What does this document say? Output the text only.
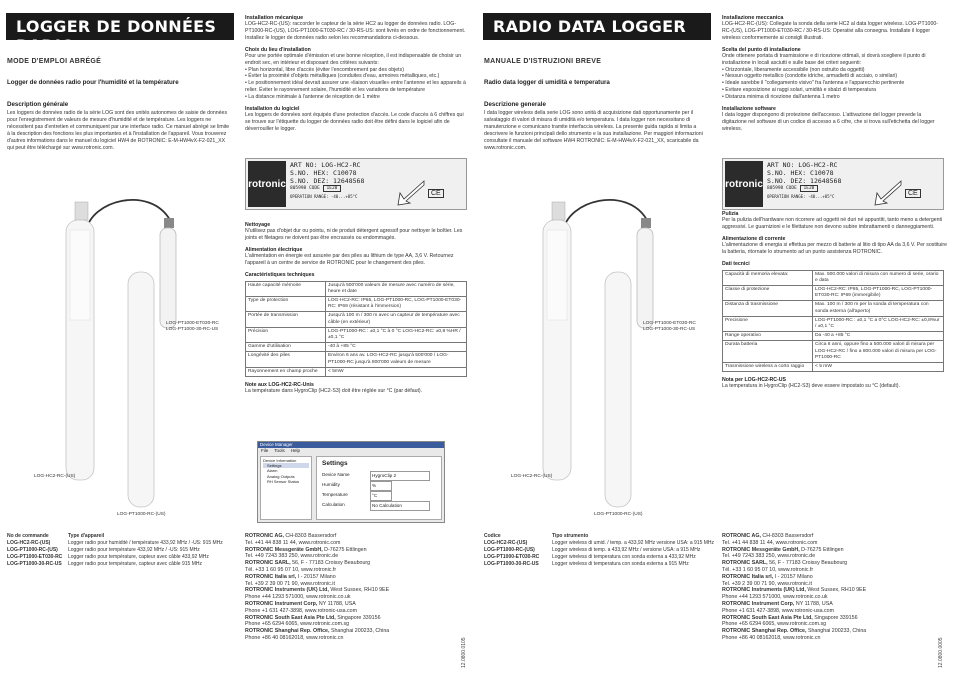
LOGGER DE DONNÉES RADIO
MODE D'EMPLOI ABRÉGÉ
Logger de données radio pour l'humidité et la température
Description générale
Les loggers de données radio de la série LOG sont des unités autonomes de saisie de données pour l'enregistrement de valeurs de mesure d'humidité et de température. Les loggers ne nécessitent pas d'entretien et communiquent par une interface radio. Ce manuel abrégé se limite à la description des fonctions les plus importantes et à l'installation de l'appareil. Vous trouverez d'autres informations dans le manuel du logiciel HW4 de ROTRONIC: E-M-HW4vX-F2-021_XX qui peut être téléchargé sur www.rotronic.com.
LOG-PT1000-ET030-RC
LOG-PT1000-30-RC-US
LOG-HC2-RC-(US)
LOG-PT1000-RC-(US)
Installation mécanique
LOG-HC2-RC-(US): raccorder le capteur de la série HC2 au logger de données radio. LOG-PT1000-RC-(US), LOG-PT1000-ET030-RC / 30-RS-US: sont livrés en ordre de fonctionnement. Installez le logger de données radio selon les recommandations ci-dessous.
Choix du lieu d'installation
Pour une portée optimale d'émission et une bonne réception, il est indispensable de choisir un endroit sec, en intérieur et disposant des critères suivants:
• Plan horizontal, libre d'accès (éviter l'encombrement par des objets)
• Éviter la proximité d'objets métalliques (conduites d'eau, armoires métalliques, etc.)
• Le positionnement idéal devrait assurer une «liaison visuelle» entre l'antenne et les appareils à relier. Éviter le rayonnement solaire, l'humidité et les variations de température
• La distance minimale à l'antenne de réception de 1 mètre
Installation du logiciel
Les loggers de données sont équipés d'une protection d'accès. Le code d'accès à 6 chiffres qui se trouve sur l'étiquette du logger de données radio doit être défini dans le logiciel afin de déverrouiller le logger.
rotronic
ART NO: LOG-HC2-RC
S.NO. HEX: C10078
S.NO. DEZ: 12648568
805998 CODE 1E20
OPERATION RANGE: -40...+85°C	CE
Nettoyage
N'utilisez pas d'objet dur ou pointu, ni de produit détergent agressif pour nettoyer le boîtier. Les joints et filetages ne doivent pas être encrassés ou endommagés.
Alimentation électrique
L'alimentation en énergie est assurée par des piles au lithium de type AA, 3,6 V. Retournez l'appareil à un centre de service de ROTRONIC pour le changement des piles.
Caractéristiques techniques
Haute capacité mémoire	Jusqu'à 500'000 valeurs de mesure avec numéro de série, heure et date
Type de protection	LOG-HC2-RC: IP65, LOG-PT1000-RC, LOG-PT1000-ET030-RC: IP69 (résistant à l'immersion)
Portée de transmission	Jusqu'à 100 m / 300 m avec un capteur de température avec câble (en extérieur)
Précision	LOG-PT1000-RC : ±0,1 °C à 0 °C LOG-HC2-RC: ±0,8 %HR / ±0,1 °C
Gamme d'utilisation	-40 à +85 °C
Longévité des piles	Environ 6 ans av. LOG-HC2-RC jusqu'à 500'000 / LOG-PT1000-RC jusqu'à 800'000 valeurs de mesure
Rayonnement en champ proche	< 5mW
Note aux LOG-HC2-RC-Unis
La température dans HygroClip (HC2-S3) doit être réglée sur °C (par défaut).
Device Manager
File Tools Help
Device Information
Settings
Alarm
Analog Outputs
RH Sensor Status
Settings
Device Name	HygroClip 2
Humidity	%
Temperature	°C
Calculation	No Calculation
No de commande	Type d'appareil
LOG-HC2-RC-(US)	Logger radio pour humidité / température 433,92 MHz / -US: 915 MHz
LOG-PT1000-RC-(US)	Logger radio pour température 433,92 MHz / -US: 915 MHz
LOG-PT1000-ET030-RC	Logger radio pour température, capteur avec câble 433,92 MHz
LOG-PT1000-30-RC-US	Logger radio pour température, capteur avec câble 915 MHz
ROTRONIC AG, CH-8303 Bassersdorf
Tel. +41 44 838 11 44, www.rotronic.com
ROTRONIC Messgeräte GmbH, D-76275 Ettlingen
Tel. +49 7243 383 250, www.rotronic.de
ROTRONIC SARL, 56, F - 77183 Croissy Beaubourg
Tél. +33 1 60 95 07 10, www.rotronic.fr
ROTRONIC Italia srl, I - 20157 Milano
Tel. +39 2 39 00 71 90, www.rotronic.it
ROTRONIC Instruments (UK) Ltd, West Sussex, RH10 9EE
Phone +44 1293 571000, www.rotronic.co.uk
ROTRONIC Instrument Corp, NY 11788, USA
Phone +1 631 427-3898, www.rotronic-usa.com
ROTRONIC South East Asia Pte Ltd, Singapore 339156
Phone +65 6294 6065, www.rotronic.com.sg
ROTRONIC Shanghai Rep. Office, Shanghai 200233, China
Phone +86 40 08162018, www.rotronic.cn	12.0800.0105
RADIO DATA LOGGER
MANUALE D'ISTRUZIONI BREVE
Radio data logger di umidità e temperatura
Descrizione generale
I data logger wireless della serie LOG sono unità di acquisizione dati opportunamente per il salvataggio di valori di misura di umidità e/o temperatura. I data logger non necessitano di manutenzione e comunicano tramite interfaccia wireless. La presente guida rapida si limita a descrivere le funzioni principali dello strumento e la sua installazione. Per maggiori informazioni consultate il manuale del software HW4 ROTRONIC: E-M-HW4vX-F2-021_XX, scaricabile da www.rotronic.com.
LOG-PT1000-ET030-RC
LOG-PT1000-30-RC-US
LOG-HC2-RC-(US)
LOG-PT1000-RC-(US)
Installazione meccanica
LOG-HC2-RC-(US): Collegate la sonda della serie HC2 al data logger wireless. LOG-PT1000-RC-(US), LOG-PT1000-ET030-RC / 30-RS-US: Operativi alla consegna. Installate il logger wireless conformemente ai consigli illustrati.
Scelta del punto di installazione
Onde ottenere portata di trasmissione e di ricezione ottimali, si dovrà scegliere il punto di installazione in locali asciutti e sulle base dei criteri seguenti:
• Orizzontale, liberamente accessibile (non ostruito da oggetti)
• Nessun oggetto metallico (condotte idriche, armadietti di acciaio, o similari)
• Ideale sarebbe il "collegamento visivo" fra l'antenna e l'apparecchio pertinente
• Evitare esposizione ai raggi solari, umidità e sbalzi di temperatura
• Distanza minima di ricezione dall'antenna 1 metro
Installazione software
I data logger dispongono di protezione dell'accesso. L'attivazione del logger prevede la digitazione nel software di un codice di accesso a 6 cifre, che si trova sull'etichetta del logger wireless.
rotronic
ART NO: LOG-HC2-RC
S.NO. HEX: C10078
S.NO. DEZ: 12648568
805998 CODE 1E20
OPERATION RANGE: -40...+85°C	CE
Pulizia
Per la pulizia dell'hardware non ricorrere ad oggetti né duri né appuntiti, tanto meno a detergenti aggressivi. Le guarnizioni e le filettature non devono subire imbrattamenti o danneggiamenti.
Alimentazione di corrente
L'alimentazione di energia si effettua per mezzo di batterie al litio di tipo AA da 3,6 V. Per sostituire la batteria, ritornate lo strumento ad un punto assistenza ROTRONIC.
Dati tecnici
Capacità di memoria elevata:	Max. 500.000 valori di misura con numero di serie, orario e data
Classe di protezione	LOG-HC2-RC: IP65, LOG-PT1000-RC, LOG-PT1000-ET030-RC: IP69 (immergibile)
Distanza di trasmissione	Max. 100 m / 300 m per la sonda di temperatura con sonda esterna (all'aperto)
Precisione	LOG-PT1000-RC : ±0,1 °C a 0°C LOG-HC2-RC: ±0,8%ur / ±0,1 °C
Range operativo	Da -40 a +85 °C
Durata batteria	Circa 6 anni, oppure fino a 500.000 valori di misura per LOG-HC2-RC / fino a 800.000 valori di misura per LOG-PT1000-RC
Trasmissione wireless a corto raggio	< 5 mW
Nota per LOG-HC2-RC-US
La temperatura in HygroClip (HC2-S3) deve essere impostato su °C (default).
Codice	Tipo strumento
LOG-HC2-RC-(US)	Logger wireless di umid. / temp. a 433,92 MHz versione USA: a 915 MHz
LOG-PT1000-RC-(US)	Logger wireless di temp. a 433,92 MHz / versione USA: a 915 MHz
LOG-PT1000-ET030-RC	Logger wireless di temperatura con sonda esterna a 433,92 MHz
LOG-PT1000-30-RC-US	Logger wireless di temperatura con sonda esterna a 915 MHz
ROTRONIC AG, CH-8303 Bassersdorf
Tel. +41 44 838 11 44, www.rotronic.com
ROTRONIC Messgeräte GmbH, D-76275 Ettlingen
Tel. +49 7243 383 250, www.rotronic.de
ROTRONIC SARL, 56, F - 77183 Croissy Beaubourg
Tél. +33 1 60 95 07 10, www.rotronic.fr
ROTRONIC Italia srl, I - 20157 Milano
Tel. +39 2 39 00 71 90, www.rotronic.it
ROTRONIC Instruments (UK) Ltd, West Sussex, RH10 9EE
Phone +44 1293 571000, www.rotronic.co.uk
ROTRONIC Instrument Corp, NY 11788, USA
Phone +1 631 427-3898, www.rotronic-usa.com
ROTRONIC South East Asia Pte Ltd, Singapore 339156
Phone +65 6294 6065, www.rotronic.com.sg
ROTRONIC Shanghai Rep. Office, Shanghai 200233, China
Phone +86 40 08162018, www.rotronic.cn	12.0800.0005
